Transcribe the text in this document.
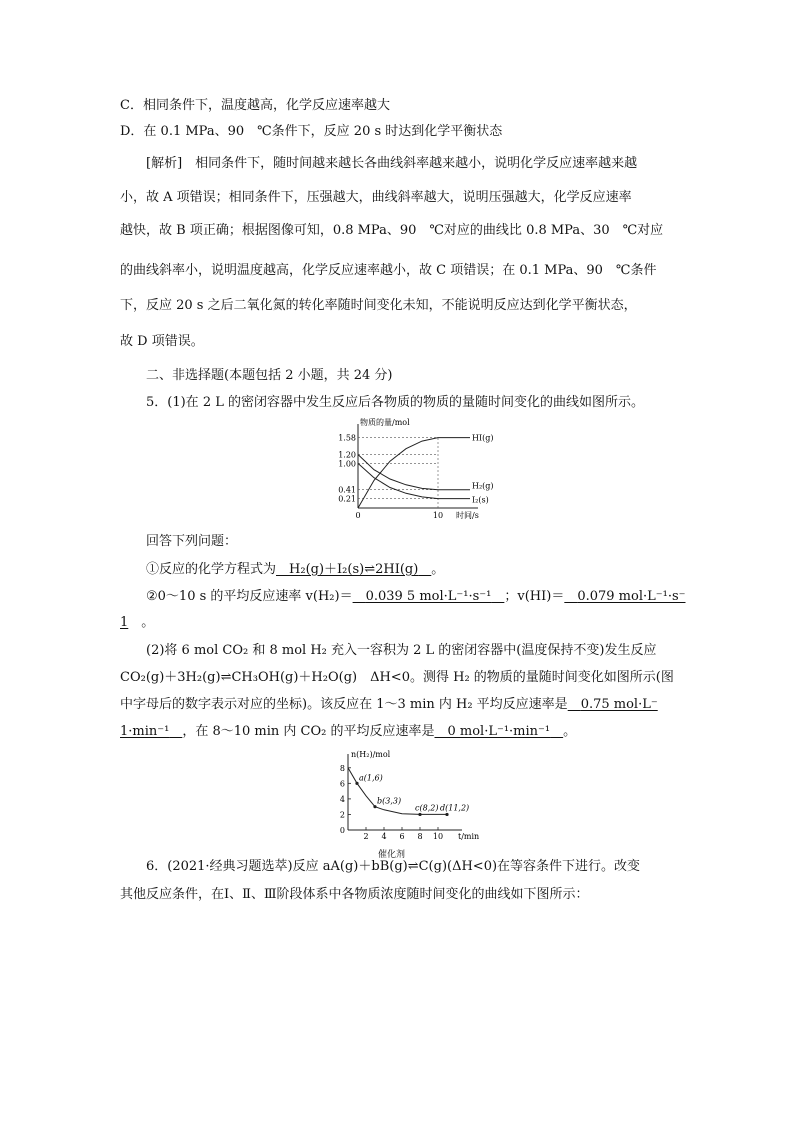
C．相同条件下，温度越高，化学反应速率越大
D．在 0.1 MPa、90　℃条件下，反应 20 s 时达到化学平衡状态
[解析]　相同条件下，随时间越来越长各曲线斜率越来越小，说明化学反应速率越来越
小，故 A 项错误；相同条件下，压强越大，曲线斜率越大，说明压强越大，化学反应速率
越快，故 B 项正确；根据图像可知，0.8 MPa、90　℃对应的曲线比 0.8 MPa、30　℃对应
的曲线斜率小，说明温度越高，化学反应速率越小，故 C 项错误；在 0.1 MPa、90　℃条件
下，反应 20 s 之后二氧化氮的转化率随时间变化未知，不能说明反应达到化学平衡状态，
故 D 项错误。
二、非选择题(本题包括 2 小题，共 24 分)
5．(1)在 2 L 的密闭容器中发生反应后各物质的物质的量随时间变化的曲线如图所示。
物质的量/mol
时间/s
1.58
1.20
1.00
0.41
0.21
0	10
HI(g)
H₂(g)
I₂(s)
回答下列问题：
①反应的化学方程式为  H₂(g)＋I₂(s)⇌2HI(g)  。
②0～10 s 的平均反应速率 v(H₂)＝  0.039 5 mol·L⁻¹·s⁻¹  ；v(HI)＝  0.079 mol·L⁻¹·s⁻
1 。
(2)将 6 mol CO₂ 和 8 mol H₂ 充入一容积为 2 L 的密闭容器中(温度保持不变)发生反应
CO₂(g)＋3H₂(g)⇌CH₃OH(g)＋H₂O(g)　ΔH<0。测得 H₂ 的物质的量随时间变化如图所示(图
中字母后的数字表示对应的坐标)。该反应在 1～3 min 内 H₂ 平均反应速率是  0.75 mol·L⁻
1·min⁻¹  ，在 8～10 min 内 CO₂ 的平均反应速率是  0 mol·L⁻¹·min⁻¹  。
n(H₂)/mol
t/min
0
2
4
6
8
2 4 6 8 10
a(1,6)
b(3,3)
c(8,2) d(11,2)
催化剂
6．(2021·经典习题选萃)反应 aA(g)＋bB(g)⇌C(g)(ΔH<0)在等容条件下进行。改变
其他反应条件，在Ⅰ、Ⅱ、Ⅲ阶段体系中各物质浓度随时间变化的曲线如下图所示：
